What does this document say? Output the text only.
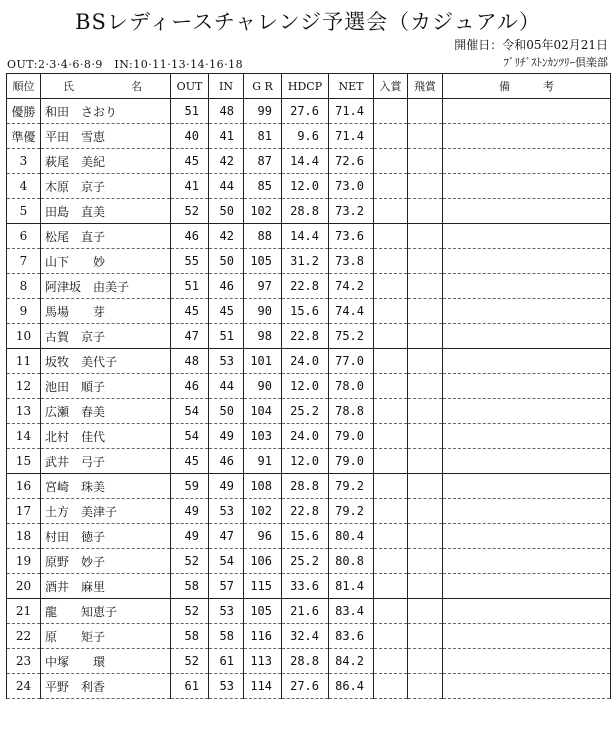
BSレディースチャレンジ予選会（カジュアル）
開催日：令和05年02月21日
OUT:2·3·4·6·8·9　IN:10·11·13·14·16·18	ﾌﾞﾘﾁﾞｽﾄﾝｶﾝﾂﾘｰ倶楽部
順位	氏　　　名	OUT	IN	G R	HDCP	NET	入賞	飛賞	備　　　考
優勝	和田　さおり	51	48	99	27.6	71.4			
準優	平田　雪恵	40	41	81	9.6	71.4			
3	萩尾　美紀	45	42	87	14.4	72.6			
4	木原　京子	41	44	85	12.0	73.0			
5	田島　直美	52	50	102	28.8	73.2			
6	松尾　直子	46	42	88	14.4	73.6			
7	山下　　妙	55	50	105	31.2	73.8			
8	阿津坂　由美子	51	46	97	22.8	74.2			
9	馬場　　芽	45	45	90	15.6	74.4			
10	古賀　京子	47	51	98	22.8	75.2			
11	坂牧　美代子	48	53	101	24.0	77.0			
12	池田　順子	46	44	90	12.0	78.0			
13	広瀬　春美	54	50	104	25.2	78.8			
14	北村　佳代	54	49	103	24.0	79.0			
15	武井　弓子	45	46	91	12.0	79.0			
16	宮崎　珠美	59	49	108	28.8	79.2			
17	土方　美津子	49	53	102	22.8	79.2			
18	村田　徳子	49	47	96	15.6	80.4			
19	原野　妙子	52	54	106	25.2	80.8			
20	酒井　麻里	58	57	115	33.6	81.4			
21	龍　　知恵子	52	53	105	21.6	83.4			
22	原　　矩子	58	58	116	32.4	83.6			
23	中塚　　環	52	61	113	28.8	84.2			
24	平野　利香	61	53	114	27.6	86.4			
